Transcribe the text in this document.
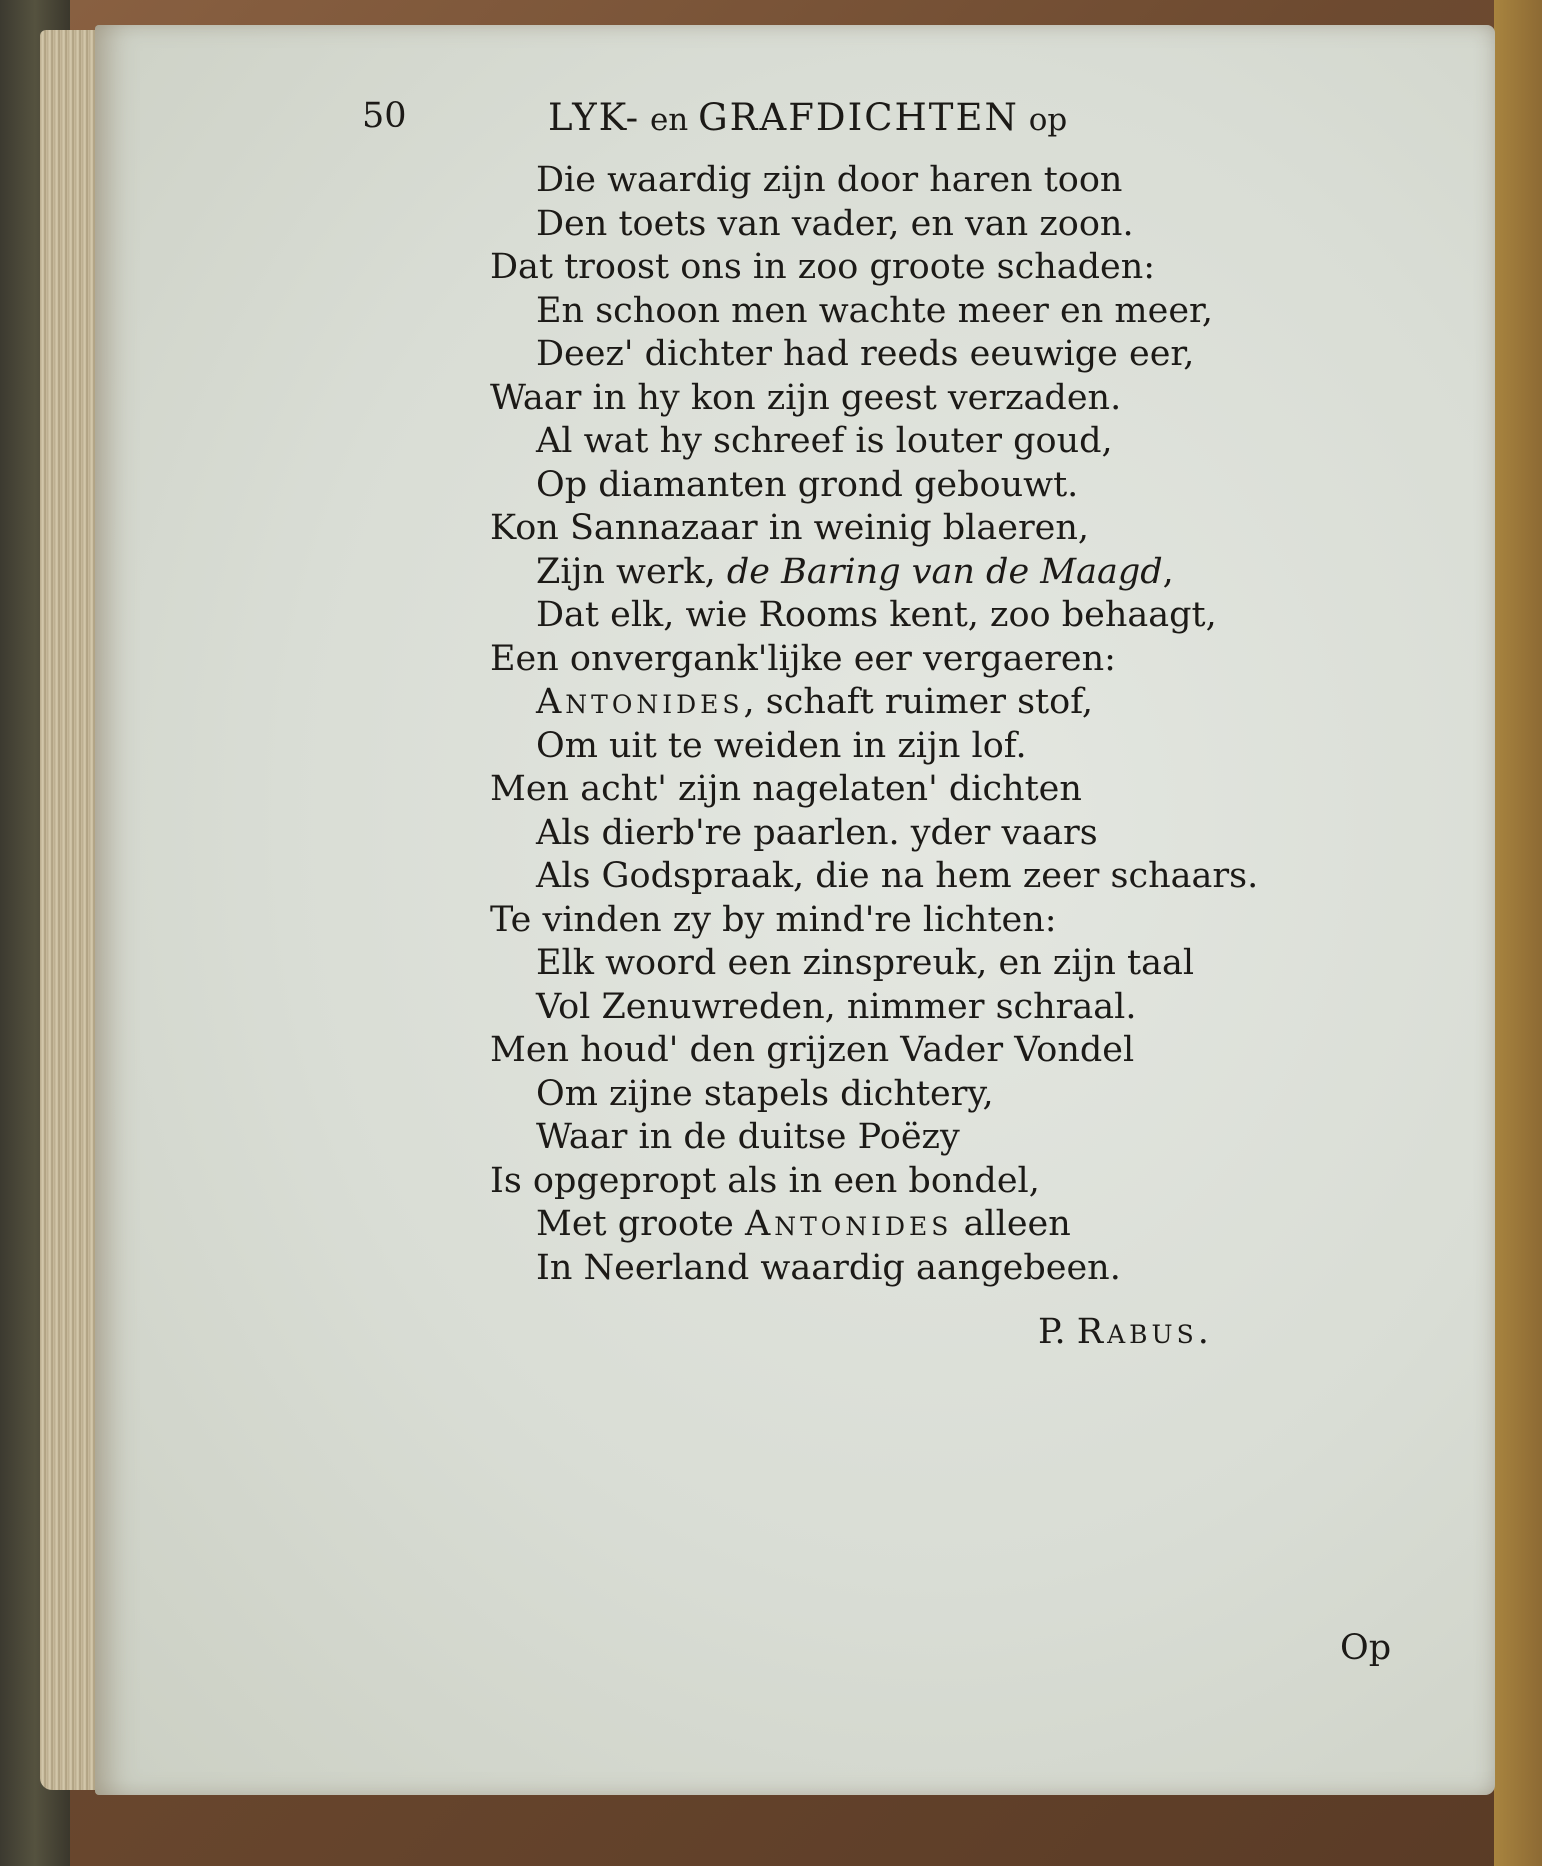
50	LYK- en GRAFDICHTEN op
Die waardig zijn door haren toon
Den toets van vader, en van zoon.
Dat troost ons in zoo groote schaden:
En schoon men wachte meer en meer,
Deez' dichter had reeds eeuwige eer,
Waar in hy kon zijn geest verzaden.
Al wat hy schreef is louter goud,
Op diamanten grond gebouwt.
Kon Sannazaar in weinig blaeren,
Zijn werk, de Baring van de Maagd,
Dat elk, wie Rooms kent, zoo behaagt,
Een onvergank'lijke eer vergaeren:
Antonides, schaft ruimer stof,
Om uit te weiden in zijn lof.
Men acht' zijn nagelaten' dichten
Als dierb're paarlen. yder vaars
Als Godspraak, die na hem zeer schaars.
Te vinden zy by mind're lichten:
Elk woord een zinspreuk, en zijn taal
Vol Zenuwreden, nimmer schraal.
Men houd' den grijzen Vader Vondel
Om zijne stapels dichtery,
Waar in de duitse Poëzy
Is opgepropt als in een bondel,
Met groote Antonides alleen
In Neerland waardig aangebeen.
P. Rabus.
Op
